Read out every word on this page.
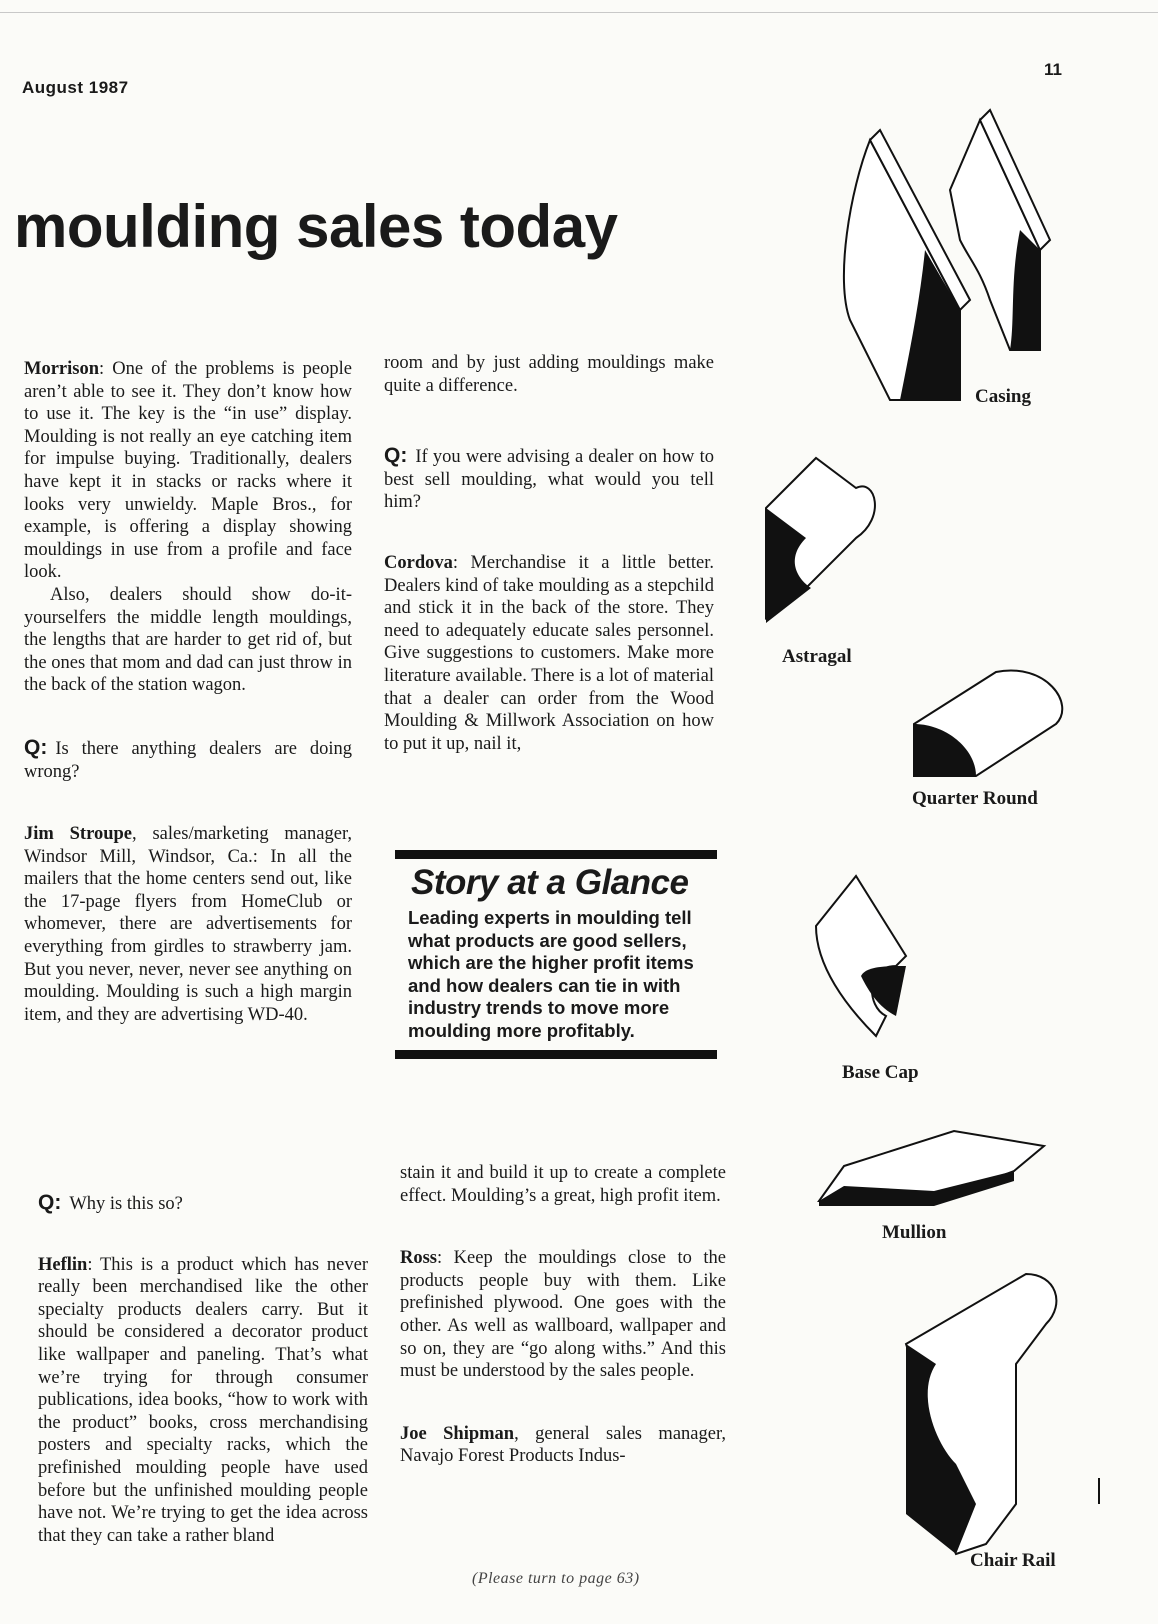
August 1987
11
moulding sales today

Morrison: One of the problems is people aren’t able to see it. They don’t know how to use it. The key is the “in use” display. Moulding is not really an eye catching item for impulse buying. Traditionally, dealers have kept it in stacks or racks where it looks very unwieldy. Maple Bros., for example, is offering a display showing mouldings in use from a profile and face look.

Also, dealers should show do-it-yourselfers the middle length mouldings, the lengths that are harder to get rid of, but the ones that mom and dad can just throw in the back of the station wagon.

Q: Is there anything dealers are doing wrong?

Jim Stroupe, sales/marketing manager, Windsor Mill, Windsor, Ca.: In all the mailers that the home centers send out, like the 17-page flyers from HomeClub or whomever, there are advertisements for everything from girdles to strawberry jam. But you never, never, never see anything on moulding. Moulding is such a high margin item, and they are advertising WD-40.

Q: Why is this so?

Heflin: This is a product which has never really been merchandised like the other specialty products dealers carry. But it should be considered a decorator product like wallpaper and paneling. That’s what we’re trying for through consumer publications, idea books, “how to work with the product” books, cross merchandising posters and specialty racks, which the prefinished moulding people have used before but the unfinished moulding people have not. We’re trying to get the idea across that they can take a rather bland

room and by just adding mouldings make quite a difference.

Q: If you were advising a dealer on how to best sell moulding, what would you tell him?

Cordova: Merchandise it a little better. Dealers kind of take moulding as a stepchild and stick it in the back of the store. They need to adequately educate sales personnel. Give suggestions to customers. Make more literature available. There is a lot of material that a dealer can order from the Wood Moulding & Millwork Association on how to put it up, nail it,

Story at a Glance
Leading experts in moulding tell what products are good sellers, which are the higher profit items and how dealers can tie in with industry trends to move more moulding more profitably.

stain it and build it up to create a complete effect. Moulding’s a great, high profit item.

Ross: Keep the mouldings close to the products people buy with them. Like prefinished plywood. One goes with the other. As well as wallboard, wallpaper and so on, they are “go along withs.” And this must be understood by the sales people.

Joe Shipman, general sales manager, Navajo Forest Products Indus-

(Please turn to page 63)
Casing
Astragal
Quarter Round
Base Cap
Mullion
Chair Rail
